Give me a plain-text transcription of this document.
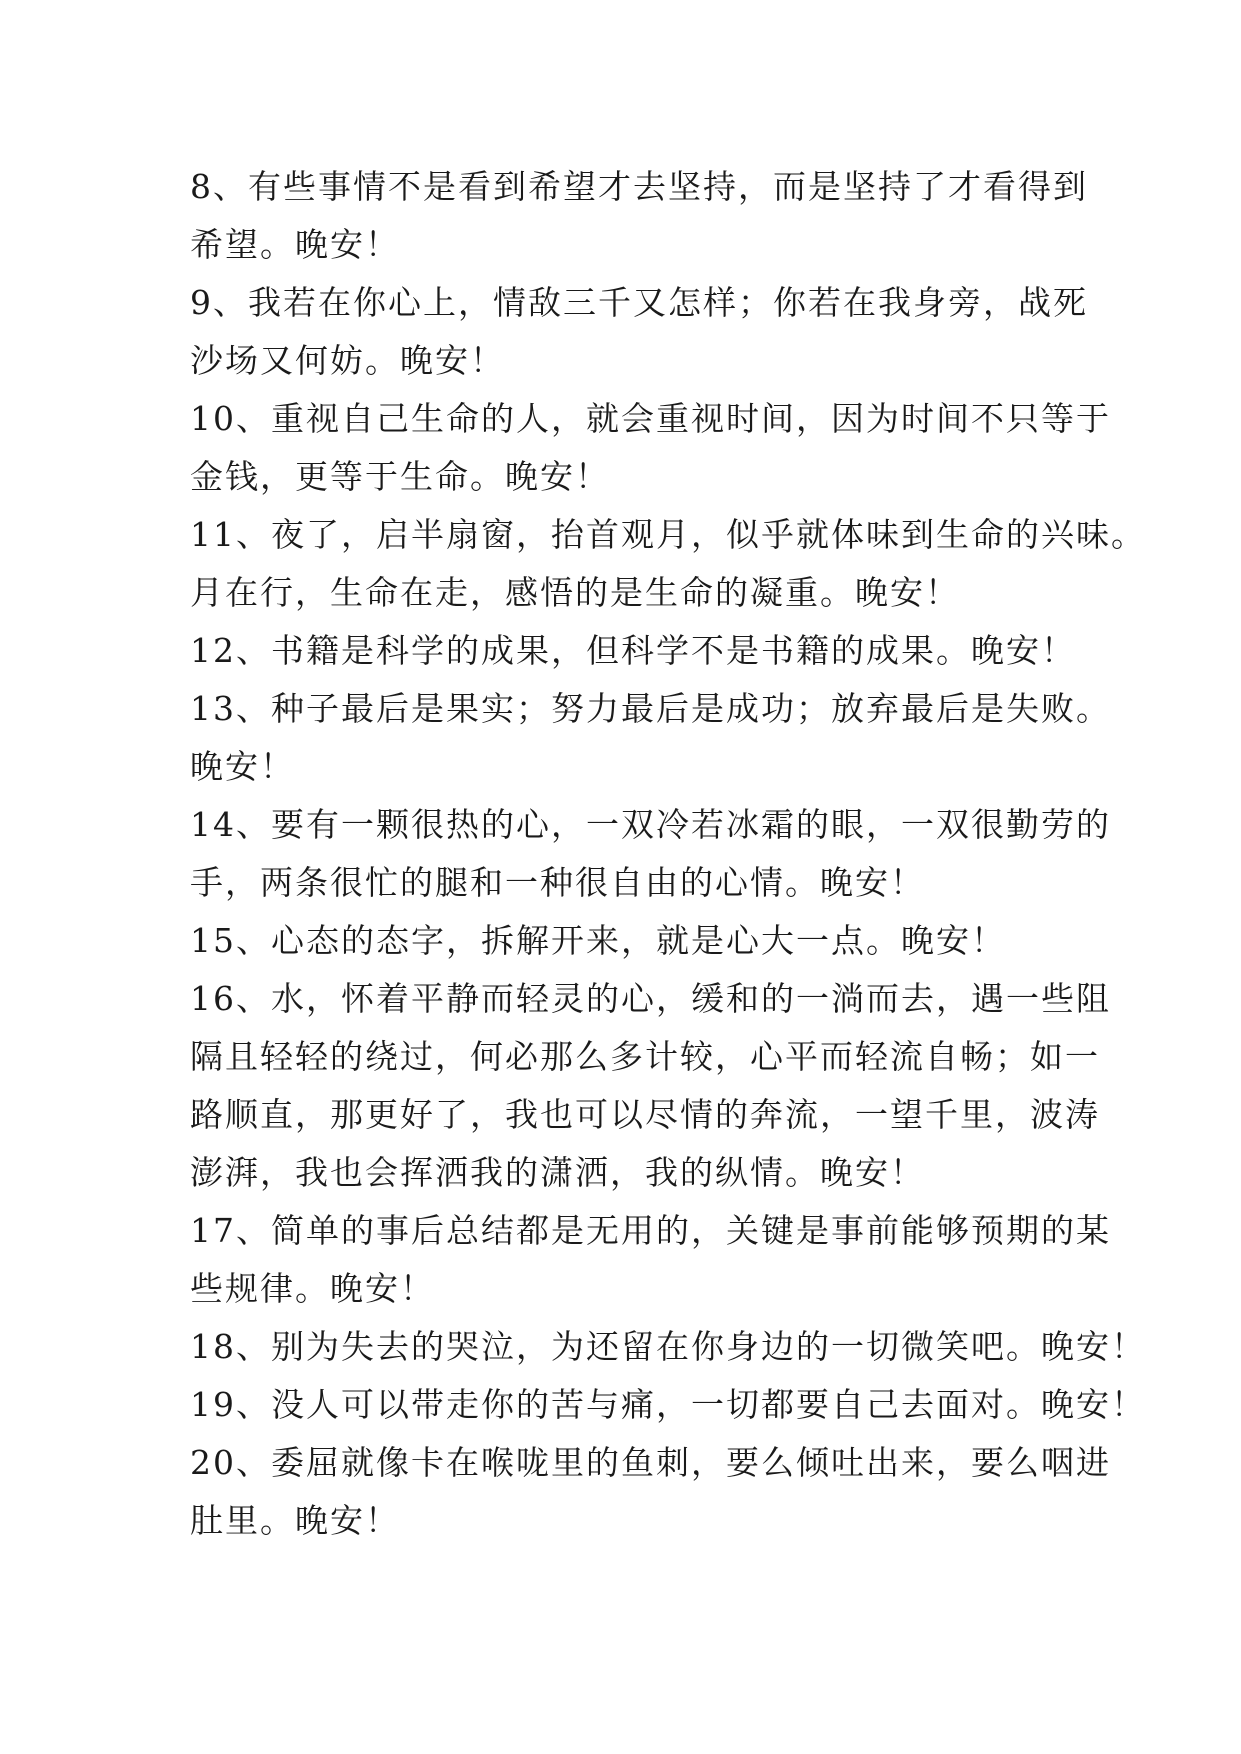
8、有些事情不是看到希望才去坚持，而是坚持了才看得到
希望。晚安！
9、我若在你心上，情敌三千又怎样；你若在我身旁，战死
沙场又何妨。晚安！
10、重视自己生命的人，就会重视时间，因为时间不只等于
金钱，更等于生命。晚安！
11、夜了，启半扇窗，抬首观月，似乎就体味到生命的兴味。
月在行，生命在走，感悟的是生命的凝重。晚安！
12、书籍是科学的成果，但科学不是书籍的成果。晚安！
13、种子最后是果实；努力最后是成功；放弃最后是失败。
晚安！
14、要有一颗很热的心，一双冷若冰霜的眼，一双很勤劳的
手，两条很忙的腿和一种很自由的心情。晚安！
15、心态的态字，拆解开来，就是心大一点。晚安！
16、水，怀着平静而轻灵的心，缓和的一淌而去，遇一些阻
隔且轻轻的绕过，何必那么多计较，心平而轻流自畅；如一
路顺直，那更好了，我也可以尽情的奔流，一望千里，波涛
澎湃，我也会挥洒我的潇洒，我的纵情。晚安！
17、简单的事后总结都是无用的，关键是事前能够预期的某
些规律。晚安！
18、别为失去的哭泣，为还留在你身边的一切微笑吧。晚安！
19、没人可以带走你的苦与痛，一切都要自己去面对。晚安！
20、委屈就像卡在喉咙里的鱼刺，要么倾吐出来，要么咽进
肚里。晚安！
